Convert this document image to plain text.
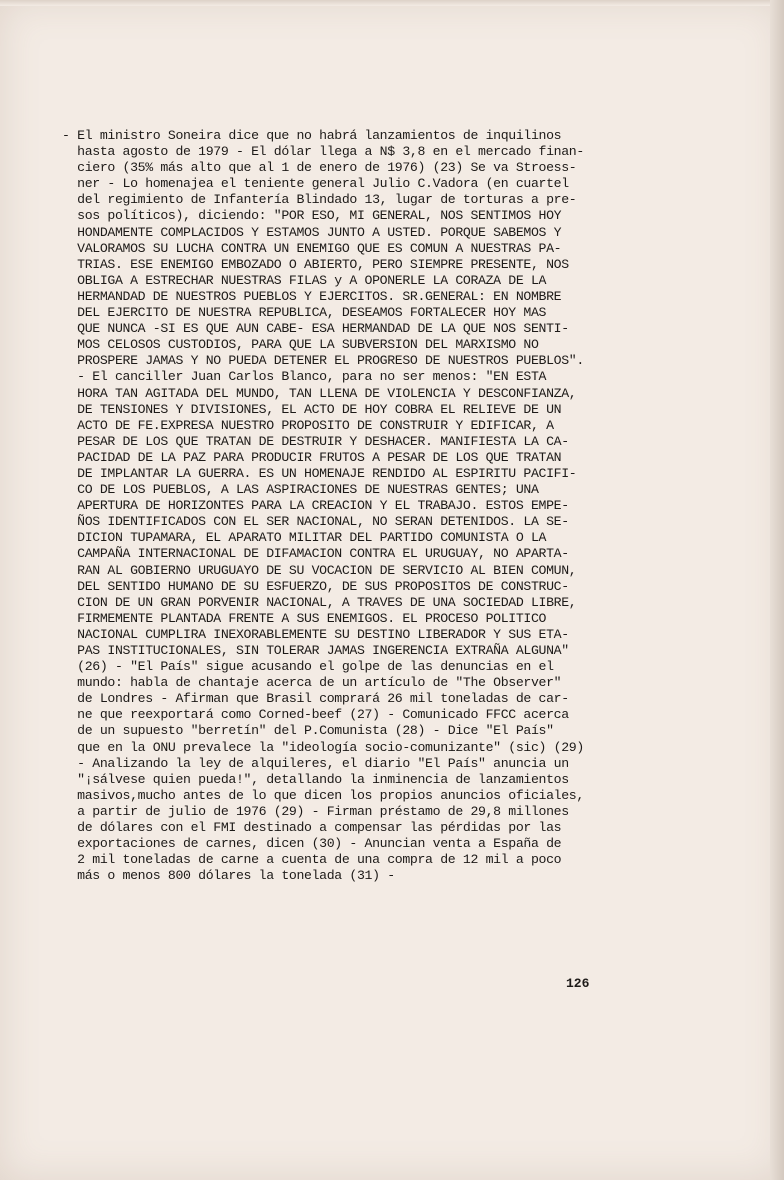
- El ministro Soneira dice que no habrá lanzamientos de inquilinos
hasta agosto de 1979 - El dólar llega a N$ 3,8 en el mercado finan-
ciero (35% más alto que al 1 de enero de 1976) (23) Se va Stroess-
ner - Lo homenajea el teniente general Julio C.Vadora (en cuartel
del regimiento de Infantería Blindado 13, lugar de torturas a pre-
sos políticos), diciendo: "POR ESO, MI GENERAL, NOS SENTIMOS HOY
HONDAMENTE COMPLACIDOS Y ESTAMOS JUNTO A USTED. PORQUE SABEMOS Y
VALORAMOS SU LUCHA CONTRA UN ENEMIGO QUE ES COMUN A NUESTRAS PA-
TRIAS. ESE ENEMIGO EMBOZADO O ABIERTO, PERO SIEMPRE PRESENTE, NOS
OBLIGA A ESTRECHAR NUESTRAS FILAS y A OPONERLE LA CORAZA DE LA
HERMANDAD DE NUESTROS PUEBLOS Y EJERCITOS. SR.GENERAL: EN NOMBRE
DEL EJERCITO DE NUESTRA REPUBLICA, DESEAMOS FORTALECER HOY MAS
QUE NUNCA -SI ES QUE AUN CABE- ESA HERMANDAD DE LA QUE NOS SENTI-
MOS CELOSOS CUSTODIOS, PARA QUE LA SUBVERSION DEL MARXISMO NO
PROSPERE JAMAS Y NO PUEDA DETENER EL PROGRESO DE NUESTROS PUEBLOS".
- El canciller Juan Carlos Blanco, para no ser menos: "EN ESTA
HORA TAN AGITADA DEL MUNDO, TAN LLENA DE VIOLENCIA Y DESCONFIANZA,
DE TENSIONES Y DIVISIONES, EL ACTO DE HOY COBRA EL RELIEVE DE UN
ACTO DE FE.EXPRESA NUESTRO PROPOSITO DE CONSTRUIR Y EDIFICAR, A
PESAR DE LOS QUE TRATAN DE DESTRUIR Y DESHACER. MANIFIESTA LA CA-
PACIDAD DE LA PAZ PARA PRODUCIR FRUTOS A PESAR DE LOS QUE TRATAN
DE IMPLANTAR LA GUERRA. ES UN HOMENAJE RENDIDO AL ESPIRITU PACIFI-
CO DE LOS PUEBLOS, A LAS ASPIRACIONES DE NUESTRAS GENTES; UNA
APERTURA DE HORIZONTES PARA LA CREACION Y EL TRABAJO. ESTOS EMPE-
ÑOS IDENTIFICADOS CON EL SER NACIONAL, NO SERAN DETENIDOS. LA SE-
DICION TUPAMARA, EL APARATO MILITAR DEL PARTIDO COMUNISTA O LA
CAMPAÑA INTERNACIONAL DE DIFAMACION CONTRA EL URUGUAY, NO APARTA-
RAN AL GOBIERNO URUGUAYO DE SU VOCACION DE SERVICIO AL BIEN COMUN,
DEL SENTIDO HUMANO DE SU ESFUERZO, DE SUS PROPOSITOS DE CONSTRUC-
CION DE UN GRAN PORVENIR NACIONAL, A TRAVES DE UNA SOCIEDAD LIBRE,
FIRMEMENTE PLANTADA FRENTE A SUS ENEMIGOS. EL PROCESO POLITICO
NACIONAL CUMPLIRA INEXORABLEMENTE SU DESTINO LIBERADOR Y SUS ETA-
PAS INSTITUCIONALES, SIN TOLERAR JAMAS INGERENCIA EXTRAÑA ALGUNA"
(26) - "El País" sigue acusando el golpe de las denuncias en el
mundo: habla de chantaje acerca de un artículo de "The Observer"
de Londres - Afirman que Brasil comprará 26 mil toneladas de car-
ne que reexportará como Corned-beef (27) - Comunicado FFCC acerca
de un supuesto "berretín" del P.Comunista (28) - Dice "El País"
que en la ONU prevalece la "ideología socio-comunizante" (sic) (29)
- Analizando la ley de alquileres, el diario "El País" anuncia un
"¡sálvese quien pueda!", detallando la inminencia de lanzamientos
masivos,mucho antes de lo que dicen los propios anuncios oficiales,
a partir de julio de 1976 (29) - Firman préstamo de 29,8 millones
de dólares con el FMI destinado a compensar las pérdidas por las
exportaciones de carnes, dicen (30) - Anuncian venta a España de
2 mil toneladas de carne a cuenta de una compra de 12 mil a poco
más o menos 800 dólares la tonelada (31) -
126
